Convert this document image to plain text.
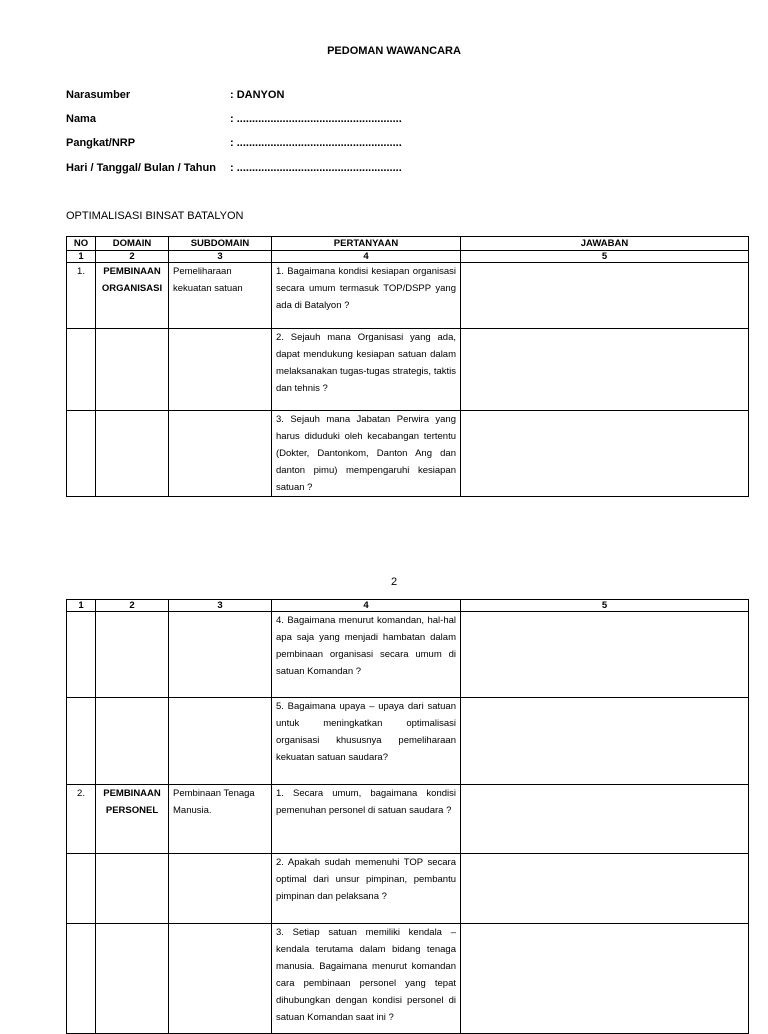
PEDOMAN WAWANCARA
Narasumber	: DANYON
Nama	: ......................................................
Pangkat/NRP	: ......................................................
Hari / Tanggal/ Bulan / Tahun : ......................................................
OPTIMALISASI BINSAT BATALYON
NO	DOMAIN	SUBDOMAIN	PERTANYAAN	JAWABAN
1	2	3	4	5
1.	PEMBINAAN ORGANISASI	Pemeliharaan kekuatan satuan	1. Bagaimana kondisi kesiapan organisasi secara umum termasuk TOP/DSPP yang ada di Batalyon ?	
			2. Sejauh mana Organisasi yang ada, dapat mendukung kesiapan satuan dalam melaksanakan tugas-tugas strategis, taktis dan tehnis ?	
			3. Sejauh mana Jabatan Perwira yang harus diduduki oleh kecabangan tertentu (Dokter, Dantonkom, Danton Ang dan danton pimu) mempengaruhi kesiapan satuan ?	
2
1	2	3	4	5
			4. Bagaimana menurut komandan, hal-hal apa saja yang menjadi hambatan dalam pembinaan organisasi secara umum di satuan Komandan ?	
			5. Bagaimana upaya – upaya dari satuan untuk meningkatkan optimalisasi organisasi khususnya pemeliharaan kekuatan satuan saudara?	
2.	PEMBINAAN PERSONEL	Pembinaan Tenaga Manusia.	1. Secara umum, bagaimana kondisi pemenuhan personel di satuan saudara ?	
			2. Apakah sudah memenuhi TOP secara optimal dari unsur pimpinan, pembantu pimpinan dan pelaksana ?	
			3. Setiap satuan memiliki kendala – kendala terutama dalam bidang tenaga manusia. Bagaimana menurut komandan cara pembinaan personel yang tepat dihubungkan dengan kondisi personel di satuan Komandan saat ini ?	
